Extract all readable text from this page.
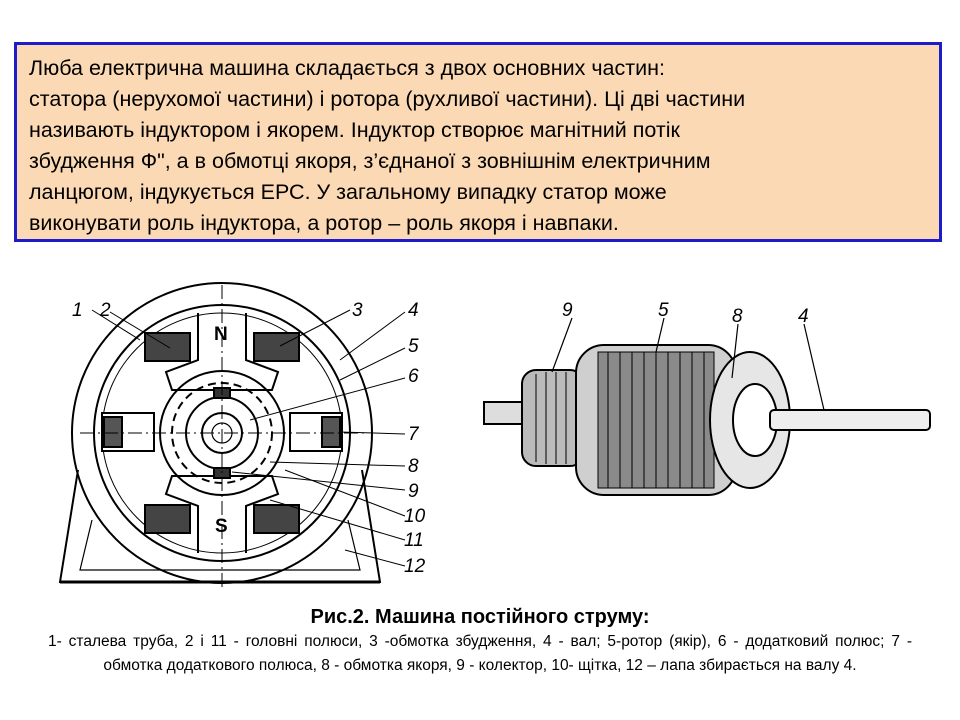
Люба електрична машина складається з двох основних частин:
статора (нерухомої частини) і ротора (рухливої частини). Ці дві частини
називають індуктором і якорем. Індуктор створює магнітний потік
збудження Ф", а в обмотці якоря, з’єднаної з зовнішнім електричним
ланцюгом, індукується ЕРС. У загальному випадку статор може
виконувати роль індуктора, а ротор – роль якоря і навпаки.

N
S
1 2	3 4
5
6
7
8
9
10
11
12
9	5	8	4
Рис.2. Машина постійного струму:
1- сталева труба, 2 і 11 - головні полюси, 3 -обмотка збудження, 4 - вал; 5-ротор (якір), 6 - додатковий полюс; 7 - обмотка додаткового полюса, 8 - обмотка якоря, 9 - колектор, 10- щітка, 12 – лапа збирається на валу 4.
